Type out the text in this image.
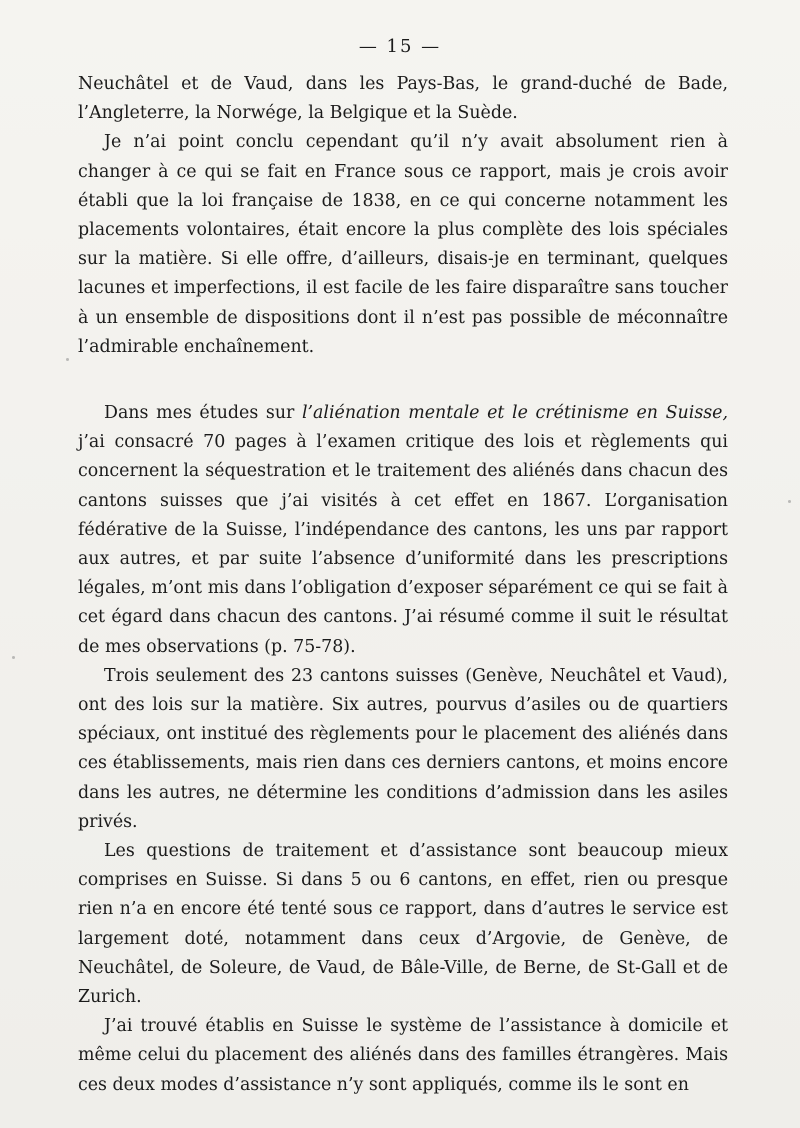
— 15 —

Neuchâtel et de Vaud, dans les Pays-Bas, le grand-duché de Bade, l’Angleterre, la Norwége, la Belgique et la Suède.

Je n’ai point conclu cependant qu’il n’y avait absolument rien à changer à ce qui se fait en France sous ce rapport, mais je crois avoir établi que la loi française de 1838, en ce qui concerne notamment les placements volontaires, était encore la plus complète des lois spéciales sur la matière. Si elle offre, d’ailleurs, disais-je en terminant, quelques lacunes et imperfections, il est facile de les faire disparaître sans toucher à un ensemble de dispositions dont il n’est pas possible de méconnaître l’admirable enchaînement.

Dans mes études sur l’aliénation mentale et le crétinisme en Suisse, j’ai consacré 70 pages à l’examen critique des lois et règlements qui concernent la séquestration et le traitement des aliénés dans chacun des cantons suisses que j’ai visités à cet effet en 1867. L’organisation fédérative de la Suisse, l’indépendance des cantons, les uns par rapport aux autres, et par suite l’absence d’uniformité dans les prescriptions légales, m’ont mis dans l’obligation d’exposer séparément ce qui se fait à cet égard dans chacun des cantons. J’ai résumé comme il suit le résultat de mes observations (p. 75-78).

Trois seulement des 23 cantons suisses (Genève, Neuchâtel et Vaud), ont des lois sur la matière. Six autres, pourvus d’asiles ou de quartiers spéciaux, ont institué des règlements pour le placement des aliénés dans ces établissements, mais rien dans ces derniers cantons, et moins encore dans les autres, ne détermine les conditions d’admission dans les asiles privés.

Les questions de traitement et d’assistance sont beaucoup mieux comprises en Suisse. Si dans 5 ou 6 cantons, en effet, rien ou presque rien n’a en encore été tenté sous ce rapport, dans d’autres le service est largement doté, notamment dans ceux d’Argovie, de Genève, de Neuchâtel, de Soleure, de Vaud, de Bâle-Ville, de Berne, de St-Gall et de Zurich.

J’ai trouvé établis en Suisse le système de l’assistance à domicile et même celui du placement des aliénés dans des familles étrangères. Mais ces deux modes d’assistance n’y sont appliqués, comme ils le sont en
